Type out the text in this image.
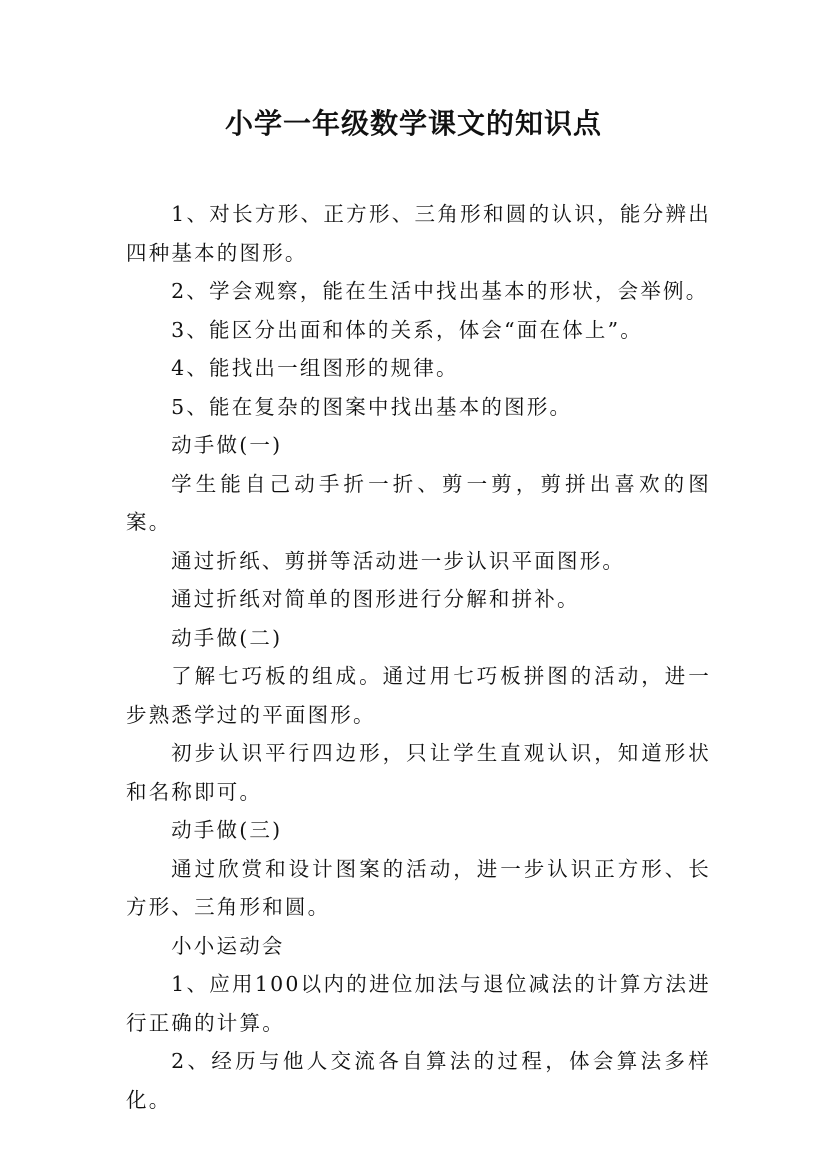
小学一年级数学课文的知识点

1、对长方形、正方形、三角形和圆的认识，能分辨出四种基本的图形。

2、学会观察，能在生活中找出基本的形状，会举例。

3、能区分出面和体的关系，体会“面在体上”。

4、能找出一组图形的规律。

5、能在复杂的图案中找出基本的图形。

动手做(一)

学生能自己动手折一折、剪一剪，剪拼出喜欢的图案。

通过折纸、剪拼等活动进一步认识平面图形。

通过折纸对简单的图形进行分解和拼补。

动手做(二)

了解七巧板的组成。通过用七巧板拼图的活动，进一步熟悉学过的平面图形。

初步认识平行四边形，只让学生直观认识，知道形状和名称即可。

动手做(三)

通过欣赏和设计图案的活动，进一步认识正方形、长方形、三角形和圆。

小小运动会

1、应用100以内的进位加法与退位减法的计算方法进行正确的计算。

2、经历与他人交流各自算法的过程，体会算法多样化。
